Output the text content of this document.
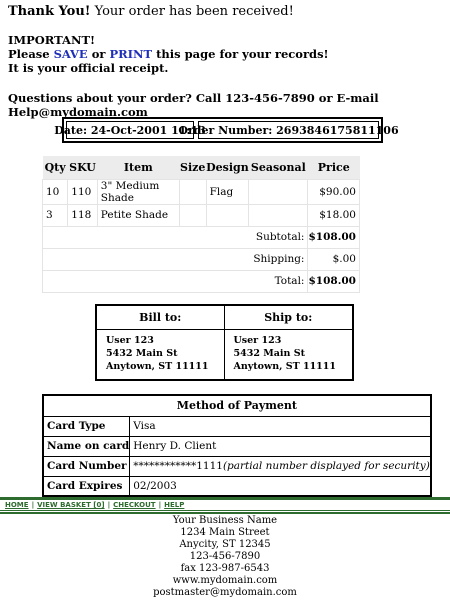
Thank You! Your order has been received!
IMPORTANT!
Please SAVE or PRINT this page for your records!
It is your official receipt.
Questions about your order? Call 123-456-7890 or E-mail Help@mydomain.com
Date: 24-Oct-2001 11:13
Order Number: 2693846175811106
Qty	SKU	Item	Size	Design	Seasonal	Price
10	110	3" Medium Shade		Flag		$90.00
3	118	Petite Shade				$18.00
Subtotal:						$108.00
Shipping:						$.00
Total:						$108.00
Bill to:
User 123
5432 Main St
Anytown, ST 11111
Ship to:
User 123
5432 Main St
Anytown, ST 11111
Method of Payment	
Card Type	Visa
Name on card	Henry D. Client
Card Number	************1111(partial number displayed for security)
Card Expires	02/2003
HOME | VIEW BASKET [0] | CHECKOUT | HELP
Your Business Name
1234 Main Street
Anycity, ST 12345
123-456-7890
fax 123-987-6543
www.mydomain.com
postmaster@mydomain.com
